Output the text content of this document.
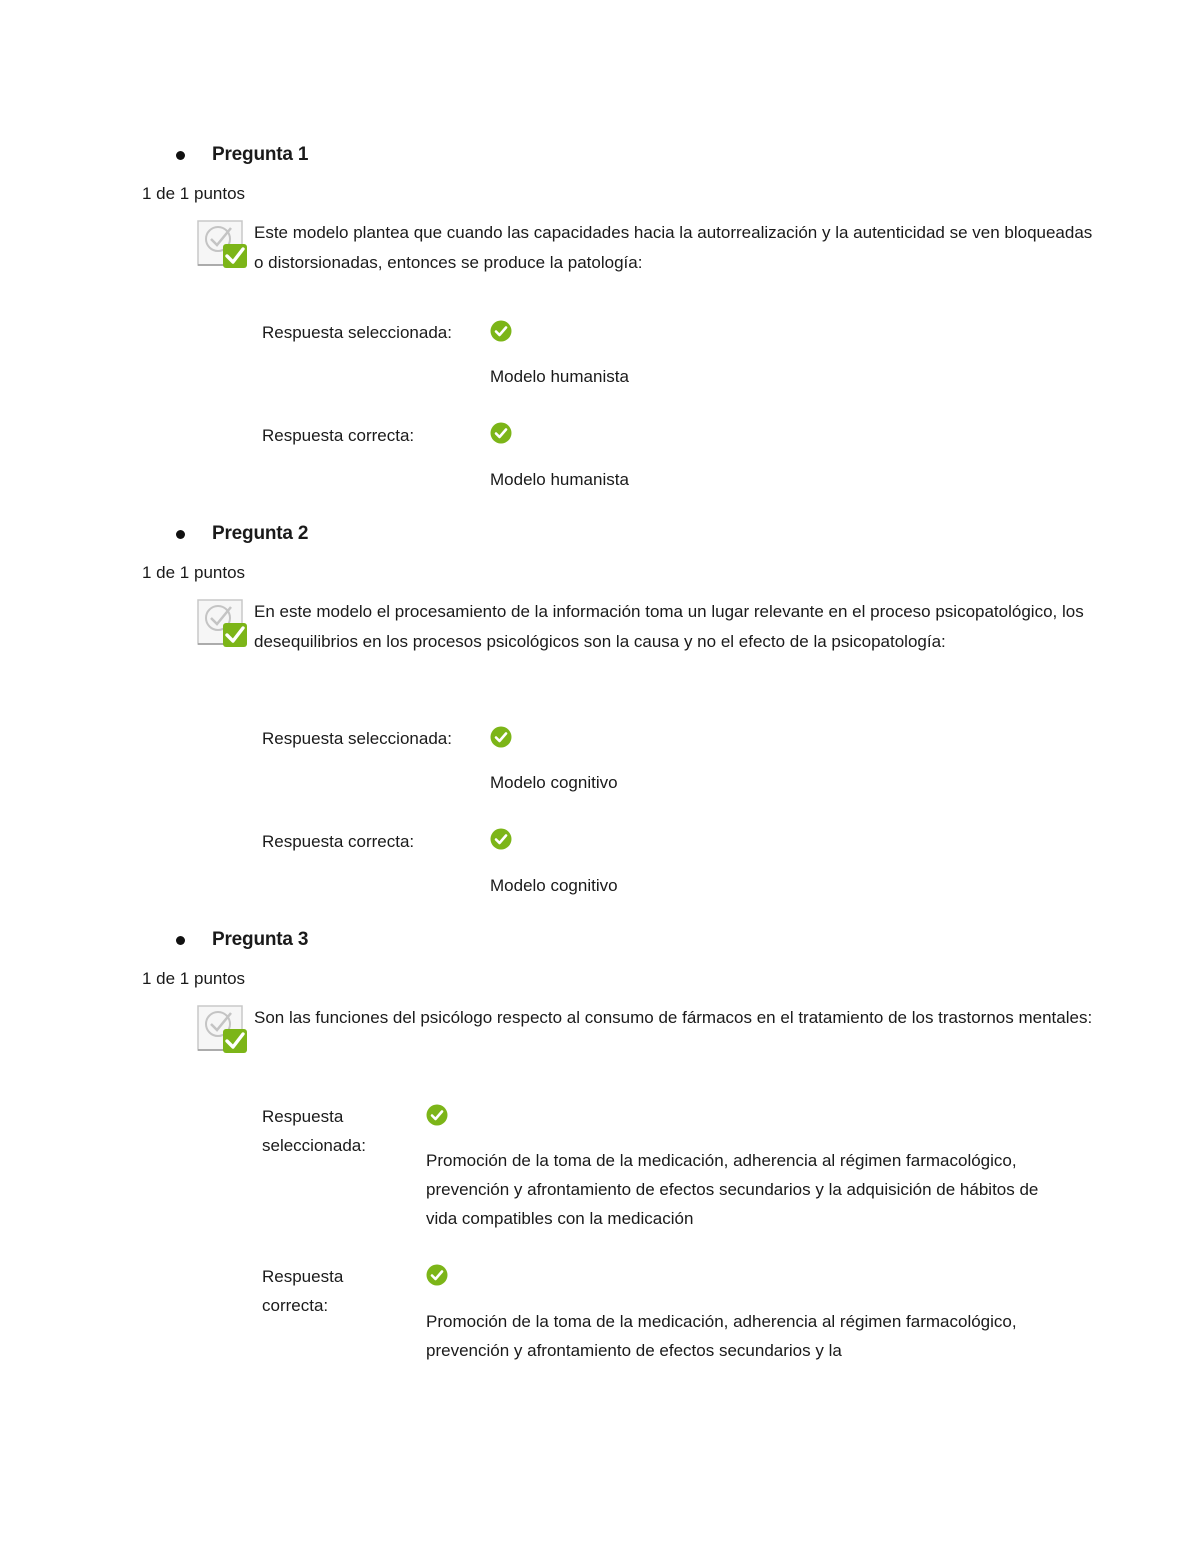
Pregunta 1
1 de 1 puntos
Este modelo plantea que cuando las capacidades hacia la autorrealización y la autenticidad se ven bloqueadas o distorsionadas, entonces se produce la patología:
Respuesta seleccionada:
Modelo humanista
Respuesta correcta:
Modelo humanista
Pregunta 2
1 de 1 puntos
En este modelo el procesamiento de la información toma un lugar relevante en el proceso psicopatológico, los desequilibrios en los procesos psicológicos son la causa y no el efecto de la psicopatología:
Respuesta seleccionada:
Modelo cognitivo
Respuesta correcta:
Modelo cognitivo
Pregunta 3
1 de 1 puntos
Son las funciones del psicólogo respecto al consumo de fármacos en el tratamiento de los trastornos mentales:
Respuesta
seleccionada:
Promoción de la toma de la medicación, adherencia al régimen farmacológico, prevención y afrontamiento de efectos secundarios y la adquisición de hábitos de vida compatibles con la medicación
Respuesta
correcta:
Promoción de la toma de la medicación, adherencia al régimen farmacológico, prevención y afrontamiento de efectos secundarios y la
